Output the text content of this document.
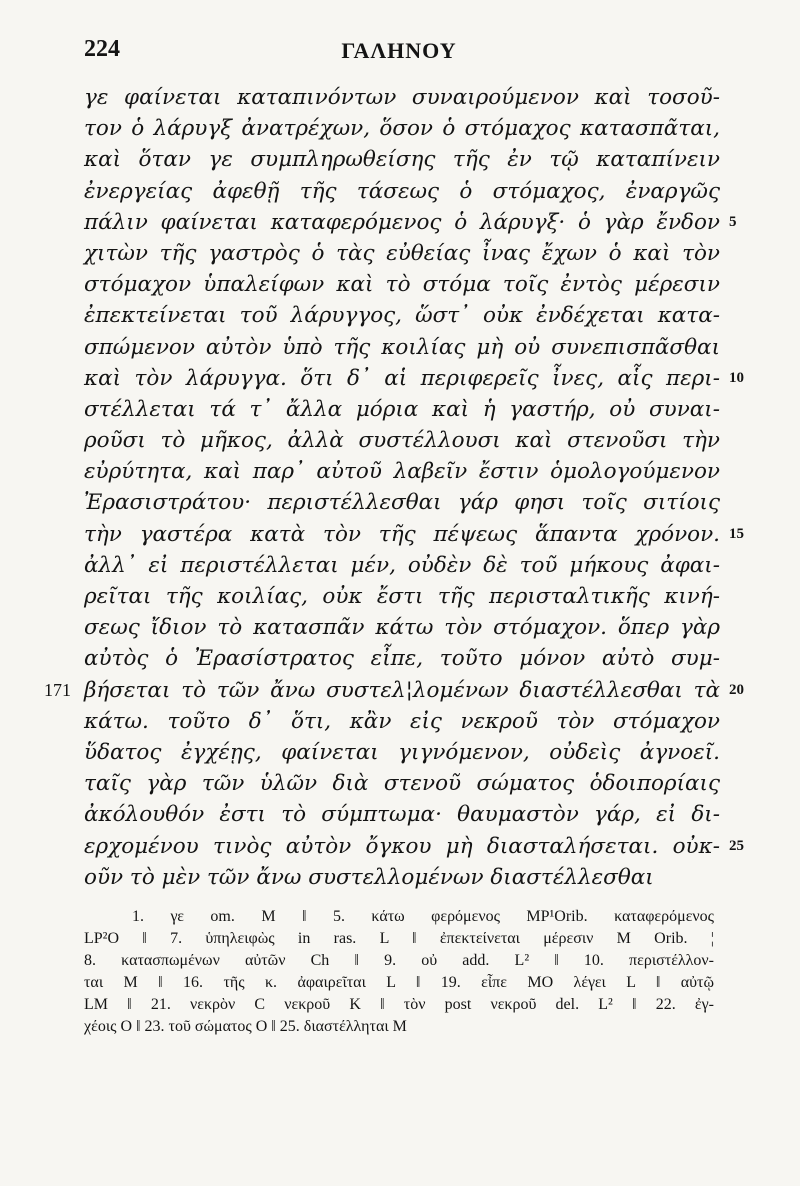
224	ΓΑΛΗΝΟΥ
γε φαίνεται καταπινόντων συναιρούμενον καὶ τοσοῦ-
τον ὁ λάρυγξ ἀνατρέχων, ὅσον ὁ στόμαχος κατασπᾶται,
καὶ ὅταν γε συμπληρωθείσης τῆς ἐν τῷ καταπίνειν
ἐνεργείας ἀφεθῇ τῆς τάσεως ὁ στόμαχος, ἐναργῶς
πάλιν φαίνεται καταφερόμενος ὁ λάρυγξ· ὁ γὰρ ἔνδον 5
χιτὼν τῆς γαστρὸς ὁ τὰς εὐθείας ἶνας ἔχων ὁ καὶ τὸν
στόμαχον ὑπαλείφων καὶ τὸ στόμα τοῖς ἐντὸς μέρεσιν
ἐπεκτείνεται τοῦ λάρυγγος, ὥστ᾽ οὐκ ἐνδέχεται κατα-
σπώμενον αὐτὸν ὑπὸ τῆς κοιλίας μὴ οὐ συνεπισπᾶσθαι
καὶ τὸν λάρυγγα. ὅτι δ᾽ αἱ περιφερεῖς ἶνες, αἷς περι- 10
στέλλεται τά τ᾽ ἄλλα μόρια καὶ ἡ γαστήρ, οὐ συναι-
ροῦσι τὸ μῆκος, ἀλλὰ συστέλλουσι καὶ στενοῦσι τὴν
εὐρύτητα, καὶ παρ᾽ αὐτοῦ λαβεῖν ἔστιν ὁμολογούμενον
Ἐρασιστράτου· περιστέλλεσθαι γάρ φησι τοῖς σιτίοις
τὴν γαστέρα κατὰ τὸν τῆς πέψεως ἅπαντα χρόνον. 15
ἀλλ᾽ εἰ περιστέλλεται μέν, οὐδὲν δὲ τοῦ μήκους ἀφαι-
ρεῖται τῆς κοιλίας, οὐκ ἔστι τῆς περισταλτικῆς κινή-
σεως ἴδιον τὸ κατασπᾶν κάτω τὸν στόμαχον. ὅπερ γὰρ
αὐτὸς ὁ Ἐρασίστρατος εἶπε, τοῦτο μόνον αὐτὸ συμ-
βήσεται τὸ τῶν ἄνω συστελ¦λομένων διαστέλλεσθαι τὰ 20
171
κάτω. τοῦτο δ᾽ ὅτι, κἂν εἰς νεκροῦ τὸν στόμαχον
ὕδατος ἐγχέῃς, φαίνεται γιγνόμενον, οὐδεὶς ἀγνοεῖ.
ταῖς γὰρ τῶν ὑλῶν διὰ στενοῦ σώματος ὁδοιπορίαις
ἀκόλουθόν ἐστι τὸ σύμπτωμα· θαυμαστὸν γάρ, εἰ δι-
ερχομένου τινὸς αὐτὸν ὄγκου μὴ διασταλήσεται. οὐκ- 25
οῦν τὸ μὲν τῶν ἄνω συστελλομένων διαστέλλεσθαι
1. γε om. M ‖ 5. κάτω φερόμενος MP¹Orib. καταφερόμενος
LP²O ‖ 7. ὑπηλειφὼς in ras. L ‖ ἐπεκτείνεται μέρεσιν M Orib. ¦
8. κατασπωμένων αὐτῶν Ch ‖ 9. οὐ add. L² ‖ 10. περιστέλλον-
ται M ‖ 16. τῆς κ. ἀφαιρεῖται L ‖ 19. εἶπε MO λέγει L ‖ αὐτῷ
LM ‖ 21. νεκρὸν C νεκροῦ K ‖ τὸν post νεκροῦ del. L² ‖ 22. ἐγ-
χέοις O ‖ 23. τοῦ σώματος O ‖ 25. διαστέλληται M
